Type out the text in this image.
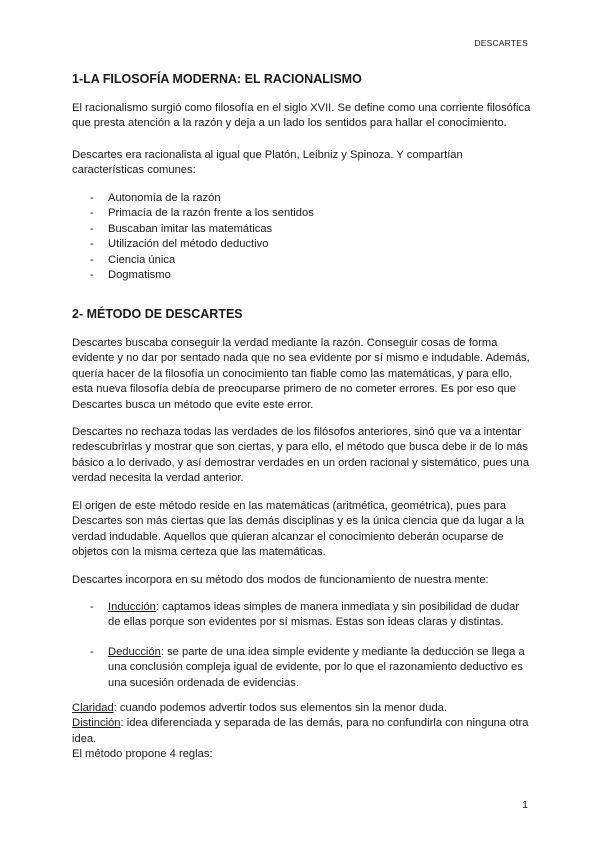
DESCARTES
1-LA FILOSOFÍA MODERNA: EL RACIONALISMO

El racionalismo surgió como filosofía en el siglo XVII. Se define como una corriente filosófica
que presta atención a la razón y deja a un lado los sentidos para hallar el conocimiento.

Descartes era racionalista al igual que Platón, Leibniz y Spinoza. Y compartían
características comunes:

- Autonomía de la razón
- Primacía de la razón frente a los sentidos
- Buscaban imitar las matemáticas
- Utilización del método deductivo
- Ciencia única
- Dogmatismo
2- MÉTODO DE DESCARTES

Descartes buscaba conseguir la verdad mediante la razón. Conseguir cosas de forma
evidente y no dar por sentado nada que no sea evidente por sí mismo e indudable. Además,
quería hacer de la filosofía un conocimiento tan fiable como las matemáticas, y para ello,
esta nueva filosofía debía de preocuparse primero de no cometer errores. Es por eso que
Descartes busca un método que evite este error.

Descartes no rechaza todas las verdades de los filósofos anteriores, sinó que va a intentar
redescubrirlas y mostrar que son ciertas, y para ello, el método que busca debe ir de lo más
básico a lo derivado, y así demostrar verdades en un orden racional y sistemático, pues una
verdad necesita la verdad anterior.

El origen de este método reside en las matemáticas (aritmética, geométrica), pues para
Descartes son más ciertas que las demás disciplinas y es la única ciencia que da lugar a la
verdad indudable. Aquellos que quieran alcanzar el conocimiento deberán ocuparse de
objetos con la misma certeza que las matemáticas.

Descartes incorpora en su método dos modos de funcionamiento de nuestra mente:

- Inducción: captamos ideas simples de manera inmediata y sin posibilidad de dudar
de ellas porque son evidentes por sí mismas. Estas son ideas claras y distintas.
- Deducción: se parte de una idea simple evidente y mediante la deducción se llega a
una conclusión compleja igual de evidente, por lo que el razonamiento deductivo es
una sucesión ordenada de evidencias.

Claridad: cuando podemos advertir todos sus elementos sin la menor duda.
Distinción: idea diferenciada y separada de las demás, para no confundirla con ninguna otra
idea.
El método propone 4 reglas:

1
